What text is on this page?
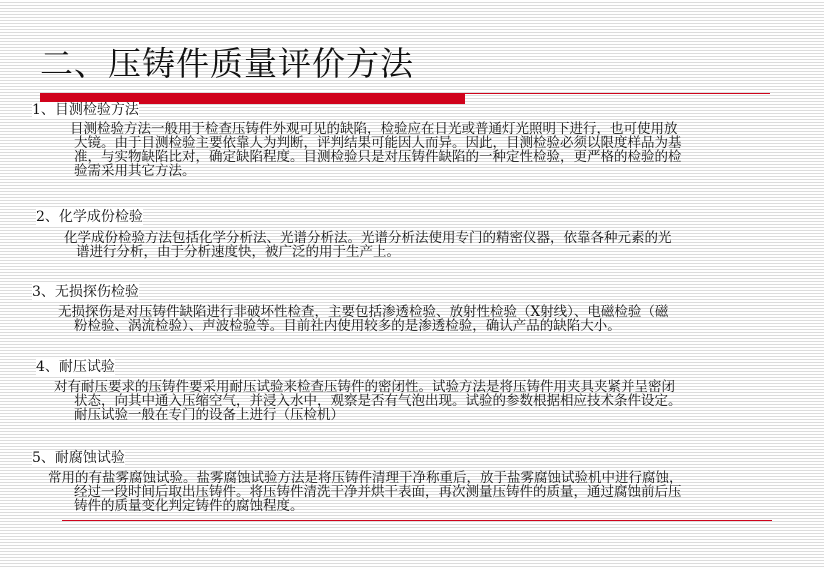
二、压铸件质量评价方法
1、目测检验方法
目测检验方法一般用于检查压铸件外观可见的缺陷，检验应在日光或普通灯光照明下进行，也可使用放
大镜。由于目测检验主要依靠人为判断，评判结果可能因人而异。因此，目测检验必须以限度样品为基
准，与实物缺陷比对，确定缺陷程度。目测检验只是对压铸件缺陷的一种定性检验，更严格的检验的检
验需采用其它方法。
2、化学成份检验
化学成份检验方法包括化学分析法、光谱分析法。光谱分析法使用专门的精密仪器，依靠各种元素的光
谱进行分析，由于分析速度快，被广泛的用于生产上。
3、无损探伤检验
无损探伤是对压铸件缺陷进行非破坏性检查，主要包括渗透检验、放射性检验（X射线）、电磁检验（磁
粉检验、涡流检验）、声波检验等。目前社内使用较多的是渗透检验，确认产品的缺陷大小。
4、耐压试验
对有耐压要求的压铸件要采用耐压试验来检查压铸件的密闭性。试验方法是将压铸件用夹具夹紧并呈密闭
状态，向其中通入压缩空气，并浸入水中，观察是否有气泡出现。试验的参数根据相应技术条件设定。
耐压试验一般在专门的设备上进行（压检机）
5、耐腐蚀试验
常用的有盐雾腐蚀试验。盐雾腐蚀试验方法是将压铸件清理干净称重后，放于盐雾腐蚀试验机中进行腐蚀，
经过一段时间后取出压铸件。将压铸件清洗干净并烘干表面，再次测量压铸件的质量，通过腐蚀前后压
铸件的质量变化判定铸件的腐蚀程度。
